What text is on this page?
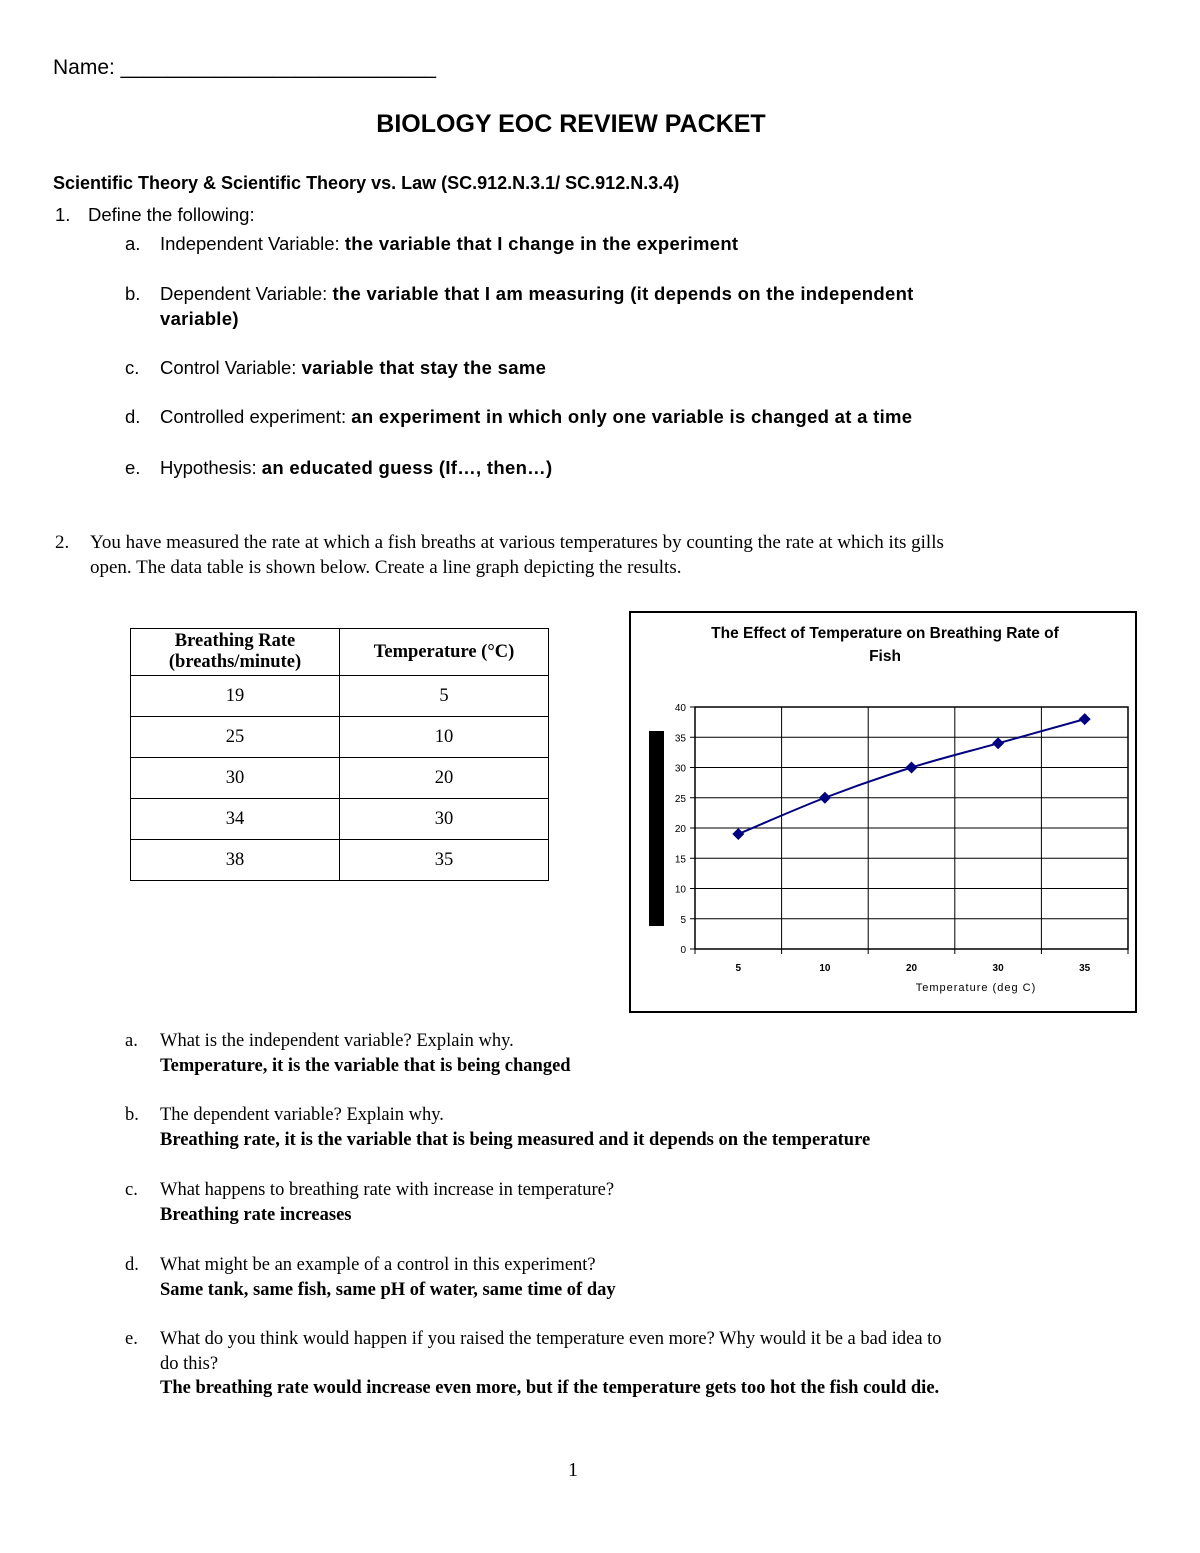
Name: ___________________________
BIOLOGY EOC REVIEW PACKET
Scientific Theory & Scientific Theory vs. Law (SC.912.N.3.1/ SC.912.N.3.4)
1. Define the following:
a. Independent Variable: the variable that I change in the experiment
b. Dependent Variable: the variable that I am measuring (it depends on the independent
variable)
c. Control Variable: variable that stay the same
d. Controlled experiment: an experiment in which only one variable is changed at a time
e. Hypothesis: an educated guess (If…, then…)
2. You have measured the rate at which a fish breaths at various temperatures by counting the rate at which its gills
open. The data table is shown below. Create a line graph depicting the results.
Breathing Rate
(breaths/minute)	Temperature (°C)
19	5
25	10
30	20
34	30
38	35
The Effect of Temperature on Breathing Rate of
Fish
0
5
10
15
20
25
30
35
40
5	10	20	30	35
Temperature (deg C)
a. What is the independent variable? Explain why.
Temperature, it is the variable that is being changed
b. The dependent variable? Explain why.
Breathing rate, it is the variable that is being measured and it depends on the temperature
c. What happens to breathing rate with increase in temperature?
Breathing rate increases
d. What might be an example of a control in this experiment?
Same tank, same fish, same pH of water, same time of day
e. What do you think would happen if you raised the temperature even more? Why would it be a bad idea to
do this?
The breathing rate would increase even more, but if the temperature gets too hot the fish could die.
1
